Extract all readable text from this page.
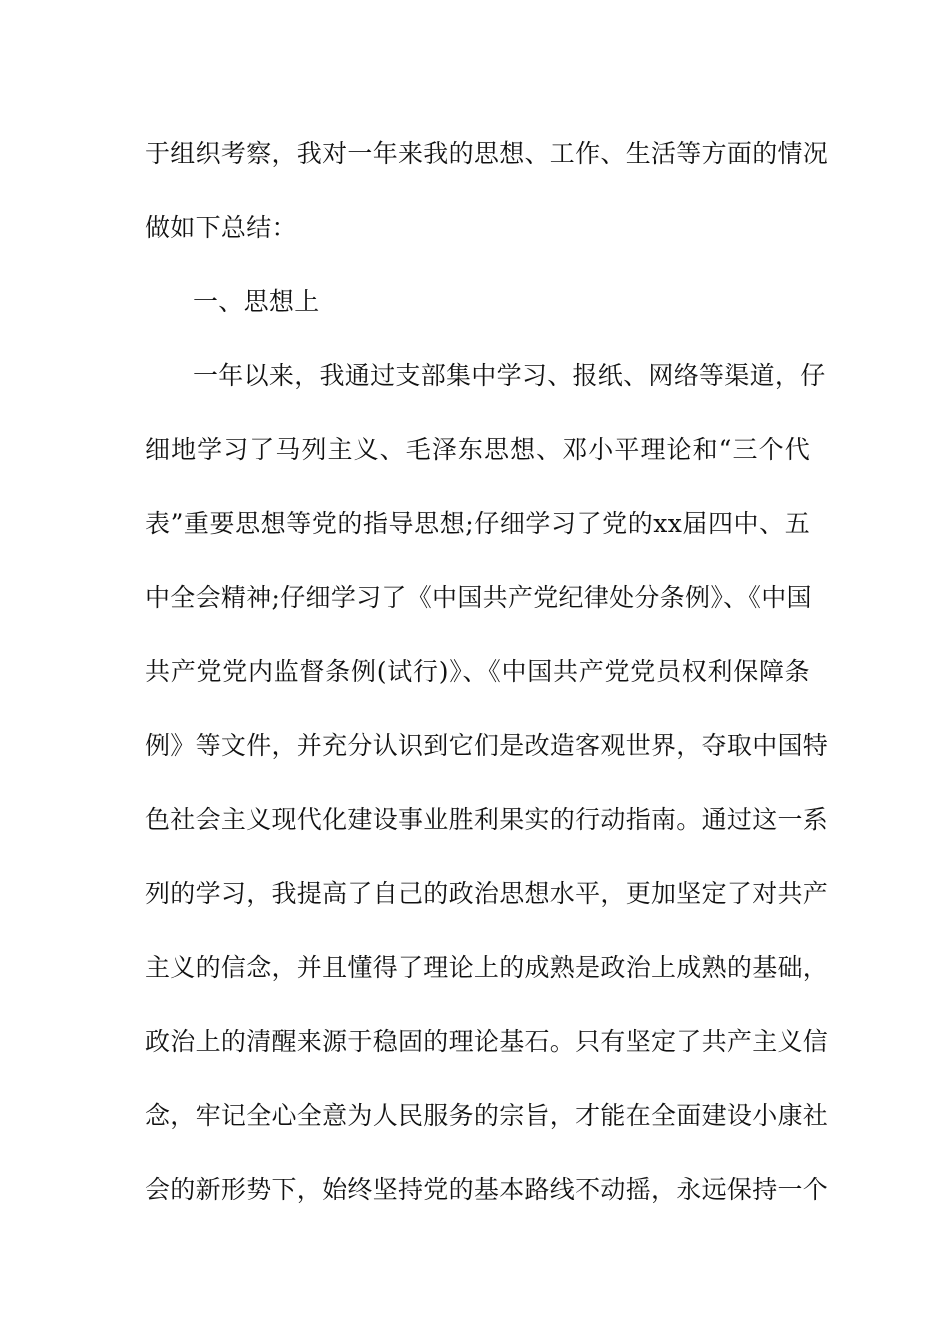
于组织考察，我对一年来我的思想、工作、生活等方面的情况
做如下总结：
一、思想上
一年以来，我通过支部集中学习、报纸、网络等渠道，仔
细地学习了马列主义、毛泽东思想、邓小平理论和“三个代
表”重要思想等党的指导思想;仔细学习了党的xx届四中、五
中全会精神;仔细学习了《中国共产党纪律处分条例》、《中国
共产党党内监督条例(试行)》、《中国共产党党员权利保障条
例》等文件，并充分认识到它们是改造客观世界，夺取中国特
色社会主义现代化建设事业胜利果实的行动指南。通过这一系
列的学习，我提高了自己的政治思想水平，更加坚定了对共产
主义的信念，并且懂得了理论上的成熟是政治上成熟的基础，
政治上的清醒来源于稳固的理论基石。只有坚定了共产主义信
念，牢记全心全意为人民服务的宗旨，才能在全面建设小康社
会的新形势下，始终坚持党的基本路线不动摇，永远保持一个
